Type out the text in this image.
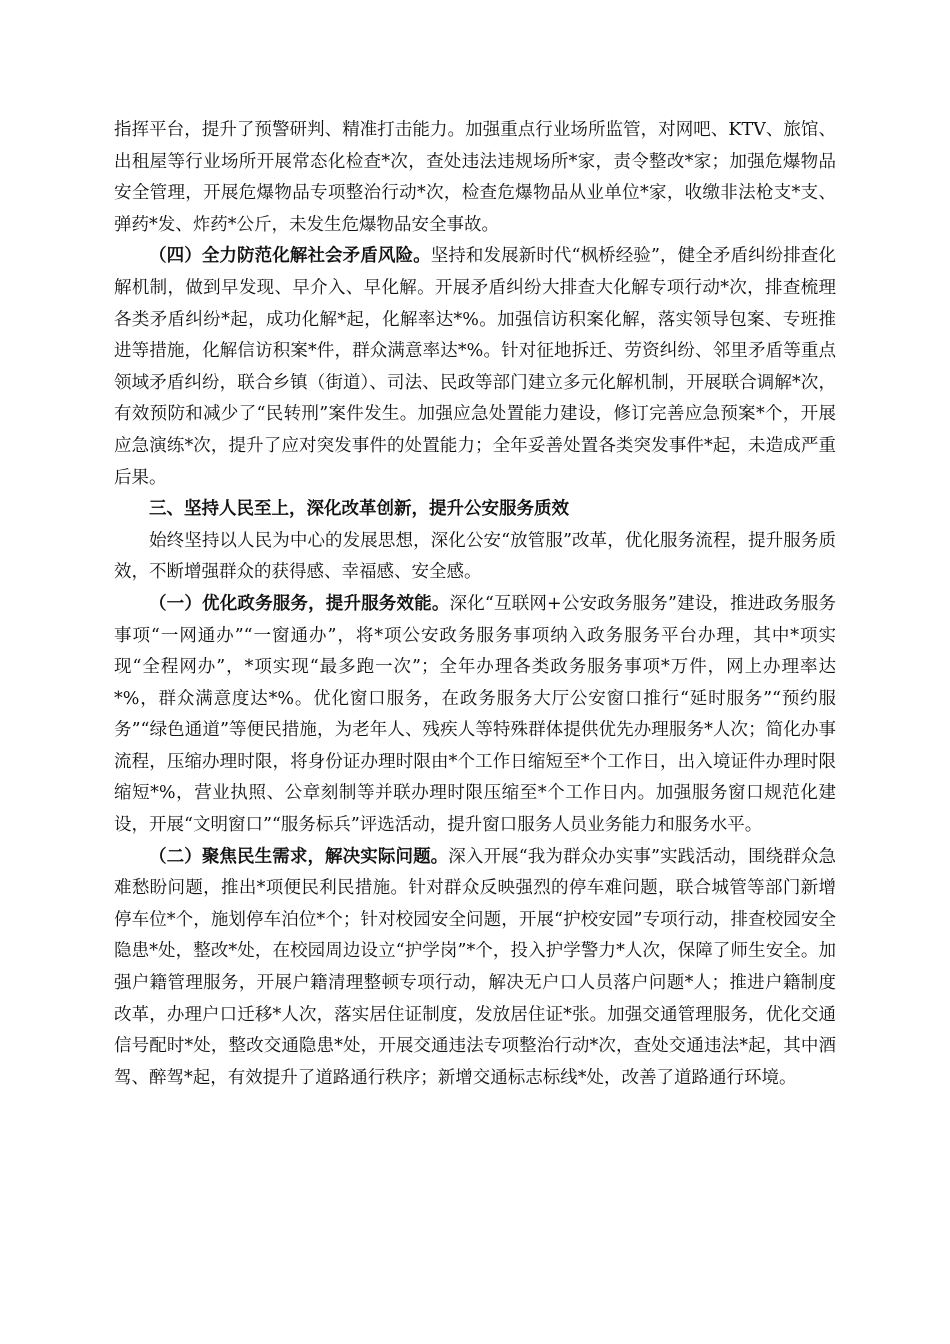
指挥平台，提升了预警研判、精准打击能力。加强重点行业场所监管，对网吧、KTV、旅馆、出租屋等行业场所开展常态化检查*次，查处违法违规场所*家，责令整改*家；加强危爆物品安全管理，开展危爆物品专项整治行动*次，检查危爆物品从业单位*家，收缴非法枪支*支、弹药*发、炸药*公斤，未发生危爆物品安全事故。

（四）全力防范化解社会矛盾风险。坚持和发展新时代“枫桥经验”，健全矛盾纠纷排查化解机制，做到早发现、早介入、早化解。开展矛盾纠纷大排查大化解专项行动*次，排查梳理各类矛盾纠纷*起，成功化解*起，化解率达*%。加强信访积案化解，落实领导包案、专班推进等措施，化解信访积案*件，群众满意率达*%。针对征地拆迁、劳资纠纷、邻里矛盾等重点领域矛盾纠纷，联合乡镇（街道）、司法、民政等部门建立多元化解机制，开展联合调解*次，有效预防和减少了“民转刑”案件发生。加强应急处置能力建设，修订完善应急预案*个，开展应急演练*次，提升了应对突发事件的处置能力；全年妥善处置各类突发事件*起，未造成严重后果。

三、坚持人民至上，深化改革创新，提升公安服务质效

始终坚持以人民为中心的发展思想，深化公安“放管服”改革，优化服务流程，提升服务质效，不断增强群众的获得感、幸福感、安全感。

（一）优化政务服务，提升服务效能。深化“互联网+公安政务服务”建设，推进政务服务事项“一网通办”“一窗通办”，将*项公安政务服务事项纳入政务服务平台办理，其中*项实现“全程网办”，*项实现“最多跑一次”；全年办理各类政务服务事项*万件，网上办理率达*%，群众满意度达*%。优化窗口服务，在政务服务大厅公安窗口推行“延时服务”“预约服务”“绿色通道”等便民措施，为老年人、残疾人等特殊群体提供优先办理服务*人次；简化办事流程，压缩办理时限，将身份证办理时限由*个工作日缩短至*个工作日，出入境证件办理时限缩短*%，营业执照、公章刻制等并联办理时限压缩至*个工作日内。加强服务窗口规范化建设，开展“文明窗口”“服务标兵”评选活动，提升窗口服务人员业务能力和服务水平。

（二）聚焦民生需求，解决实际问题。深入开展“我为群众办实事”实践活动，围绕群众急难愁盼问题，推出*项便民利民措施。针对群众反映强烈的停车难问题，联合城管等部门新增停车位*个，施划停车泊位*个；针对校园安全问题，开展“护校安园”专项行动，排查校园安全隐患*处，整改*处，在校园周边设立“护学岗”*个，投入护学警力*人次，保障了师生安全。加强户籍管理服务，开展户籍清理整顿专项行动，解决无户口人员落户问题*人；推进户籍制度改革，办理户口迁移*人次，落实居住证制度，发放居住证*张。加强交通管理服务，优化交通信号配时*处，整改交通隐患*处，开展交通违法专项整治行动*次，查处交通违法*起，其中酒驾、醉驾*起，有效提升了道路通行秩序；新增交通标志标线*处，改善了道路通行环境。
